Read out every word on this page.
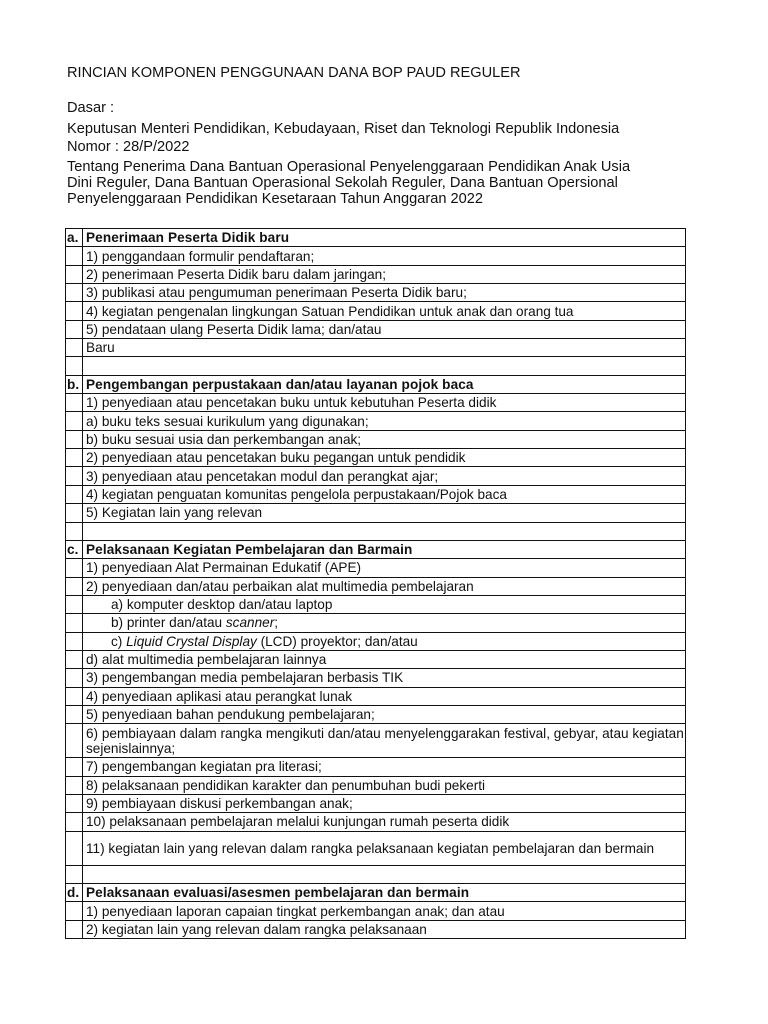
RINCIAN KOMPONEN PENGGUNAAN DANA BOP PAUD REGULER
Dasar :
Keputusan Menteri Pendidikan, Kebudayaan, Riset dan Teknologi Republik Indonesia
Nomor : 28/P/2022
Tentang Penerima Dana Bantuan Operasional Penyelenggaraan Pendidikan Anak Usia
Dini Reguler, Dana Bantuan Operasional Sekolah Reguler, Dana Bantuan Opersional
Penyelenggaraan Pendidikan Kesetaraan Tahun Anggaran 2022
a.	Penerimaan Peserta Didik baru
	1) penggandaan formulir pendaftaran;
	2) penerimaan Peserta Didik baru dalam jaringan;
	3) publikasi atau pengumuman penerimaan Peserta Didik baru;
	4) kegiatan pengenalan lingkungan Satuan Pendidikan untuk anak dan orang tua
	5) pendataan ulang Peserta Didik lama; dan/atau
	Baru

b.	Pengembangan perpustakaan dan/atau layanan pojok baca
	1) penyediaan atau pencetakan buku untuk kebutuhan Peserta didik
	a) buku teks sesuai kurikulum yang digunakan;
	b) buku sesuai usia dan perkembangan anak;
	2) penyediaan atau pencetakan buku pegangan untuk pendidik
	3) penyediaan atau pencetakan modul dan perangkat ajar;
	4) kegiatan penguatan komunitas pengelola perpustakaan/Pojok baca
	5) Kegiatan lain yang relevan

c.	Pelaksanaan Kegiatan Pembelajaran dan Barmain
	1) penyediaan Alat Permainan Edukatif (APE)
	2) penyediaan dan/atau perbaikan alat multimedia pembelajaran
	a) komputer desktop dan/atau laptop
	b) printer dan/atau scanner;
	c) Liquid Crystal Display (LCD) proyektor; dan/atau
	d) alat multimedia pembelajaran lainnya
	3) pengembangan media pembelajaran berbasis TIK
	4) penyediaan aplikasi atau perangkat lunak
	5) penyediaan bahan pendukung pembelajaran;
	6) pembiayaan dalam rangka mengikuti dan/atau menyelenggarakan festival, gebyar, atau kegiatan sejenislainnya;
	7) pengembangan kegiatan pra literasi;
	8) pelaksanaan pendidikan karakter dan penumbuhan budi pekerti
	9) pembiayaan diskusi perkembangan anak;
	10) pelaksanaan pembelajaran melalui kunjungan rumah peserta didik
	11) kegiatan lain yang relevan dalam rangka pelaksanaan kegiatan pembelajaran dan bermain

d.	Pelaksanaan evaluasi/asesmen pembelajaran dan bermain
	1) penyediaan laporan capaian tingkat perkembangan anak; dan atau
	2) kegiatan lain yang relevan dalam rangka pelaksanaan
